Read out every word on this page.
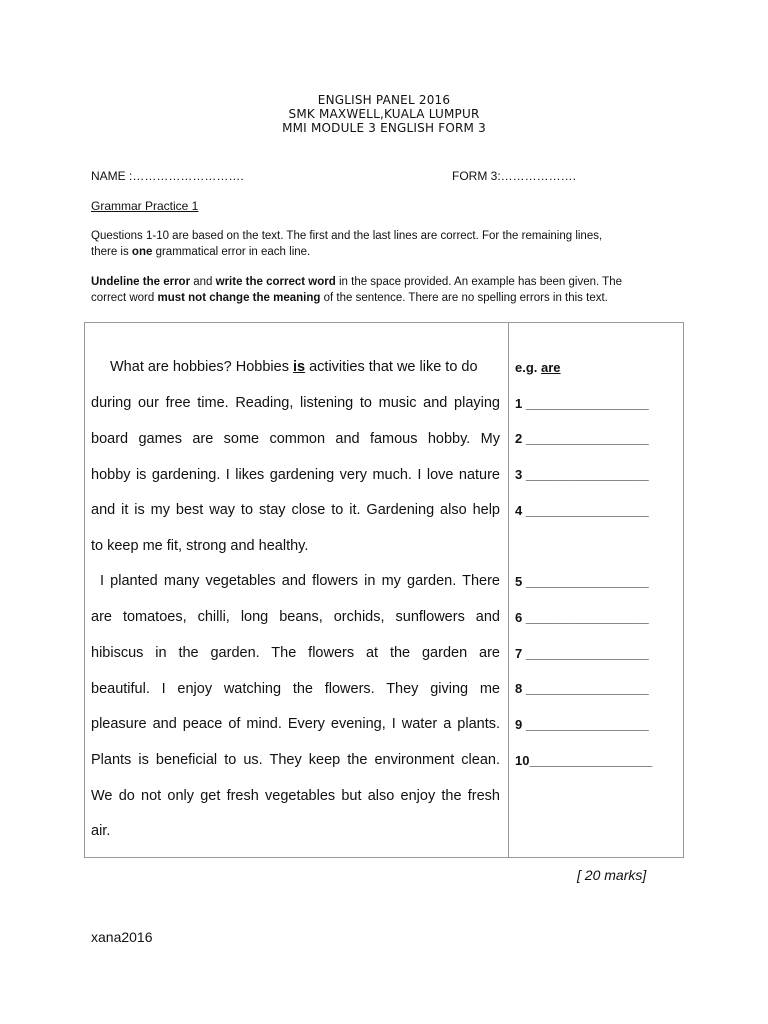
ENGLISH PANEL 2016
SMK MAXWELL,KUALA LUMPUR
MMI MODULE 3 ENGLISH FORM 3
NAME :……………………….	FORM 3:……………….
Grammar Practice 1
Questions 1-10 are based on the text. The first and the last lines are correct. For the remaining lines,
there is one grammatical error in each line.
Undeline the error and write the correct word in the space provided. An example has been given. The
correct word must not change the meaning of the sentence. There are no spelling errors in this text.
What are hobbies? Hobbies is activities that we like to do
during our free time. Reading, listening to music and playing
board games are some common and famous hobby. My
hobby is gardening. I likes gardening very much. I love nature
and it is my best way to stay close to it. Gardening also help
to keep me fit, strong and healthy.
I planted many vegetables and flowers in my garden. There
are tomatoes, chilli, long beans, orchids, sunflowers and
hibiscus in the garden. The flowers at the garden are
beautiful. I enjoy watching the flowers. They giving me
pleasure and peace of mind. Every evening, I water a plants.
Plants is beneficial to us. They keep the environment clean.
We do not only get fresh vegetables but also enjoy the fresh
air.
e.g. are
1 _________________
2 _________________
3 _________________
4 _________________
5 _________________
6 _________________
7 _________________
8 _________________
9 _________________
10_________________
[ 20 marks]
xana2016
